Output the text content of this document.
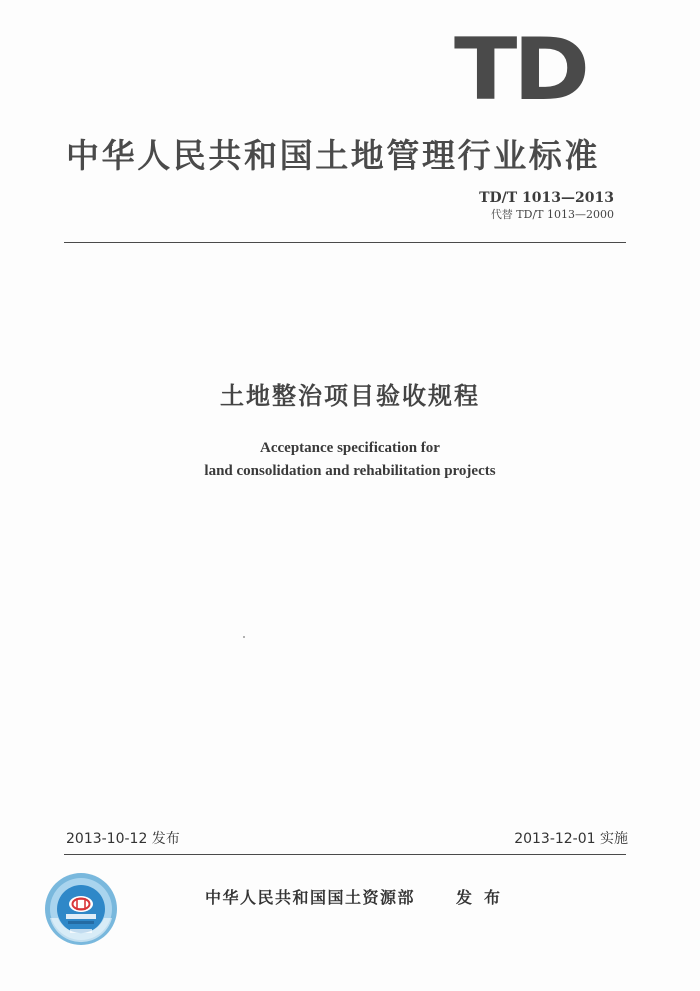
TD
中华人民共和国土地管理行业标准
TD/T 1013—2013
代替 TD/T 1013—2000
土地整治项目验收规程
Acceptance specification for
land consolidation and rehabilitation projects
2013-10-12 发布	2013-12-01 实施
中华人民共和国国土资源部	发布
